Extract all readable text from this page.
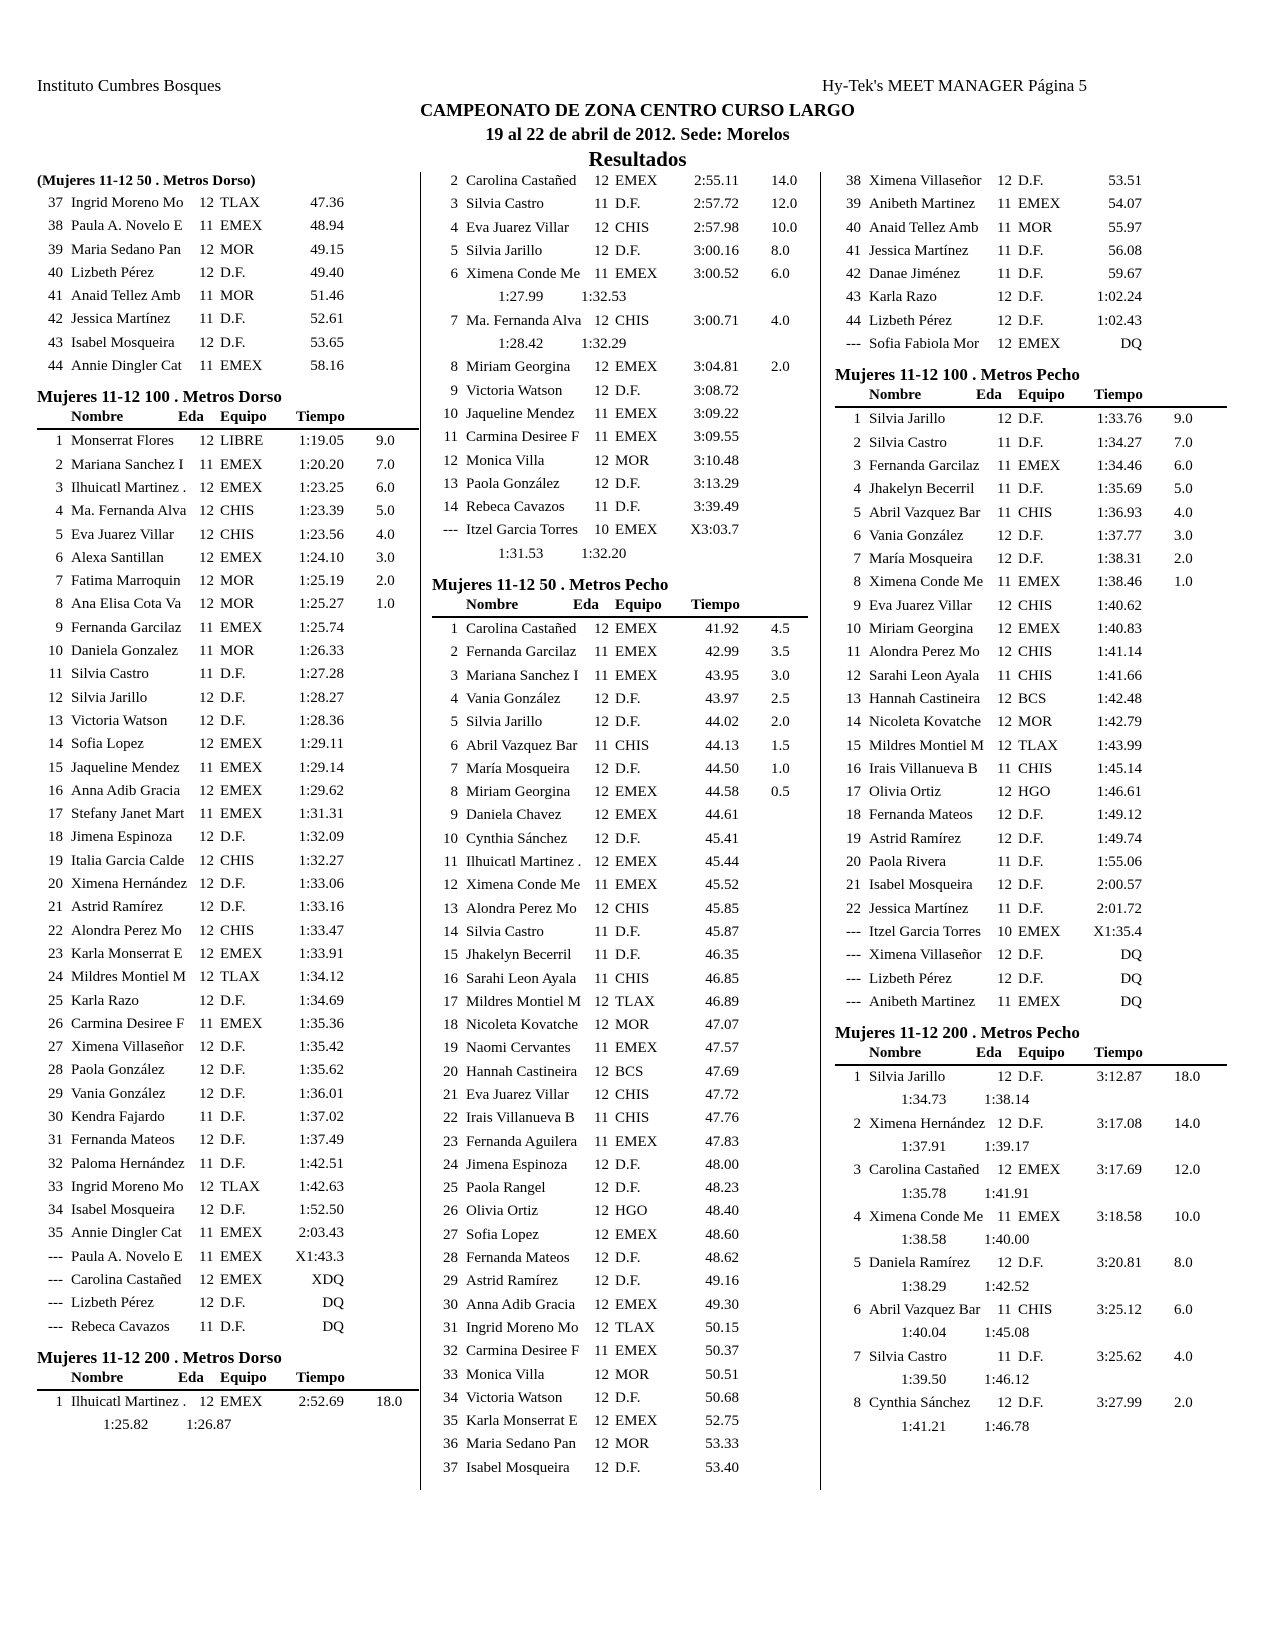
Instituto Cumbres Bosques	Hy-Tek's MEET MANAGER Página 5
CAMPEONATO DE ZONA CENTRO CURSO LARGO
19 al 22 de abril de 2012. Sede: Morelos
Resultados
(Mujeres 11-12 50 . Metros Dorso)
37 Ingrid Moreno Mo	12 TLAX	47.36
38 Paula A. Novelo E	11 EMEX	48.94
39 Maria Sedano Pan	12 MOR	49.15
40 Lizbeth Pérez	12 D.F.	49.40
41 Anaid Tellez Amb	11 MOR	51.46
42 Jessica Martínez	11 D.F.	52.61
43 Isabel Mosqueira	12 D.F.	53.65
44 Annie Dingler Cat	11 EMEX	58.16
Mujeres 11-12 100 . Metros Dorso
Nombre	Eda Equipo Tiempo
1 Monserrat Flores	12 LIBRE	1:19.05 9.0
2 Mariana Sanchez I	11 EMEX	1:20.20 7.0
3 Ilhuicatl Martinez . 12 EMEX	1:23.25 6.0
4 Ma. Fernanda Alva 12 CHIS	1:23.39 5.0
5 Eva Juarez Villar	12 CHIS	1:23.56 4.0
6 Alexa Santillan	12 EMEX	1:24.10 3.0
7 Fatima Marroquin	12 MOR	1:25.19 2.0
8 Ana Elisa Cota Va	12 MOR	1:25.27 1.0
9 Fernanda Garcilaz	11 EMEX	1:25.74
10 Daniela Gonzalez	11 MOR	1:26.33
11 Silvia Castro	11 D.F.	1:27.28
12 Silvia Jarillo	12 D.F.	1:28.27
13 Victoria Watson	12 D.F.	1:28.36
14 Sofia Lopez	12 EMEX	1:29.11
15 Jaqueline Mendez	11 EMEX	1:29.14
16 Anna Adib Gracia	12 EMEX	1:29.62
17 Stefany Janet Mart 11 EMEX	1:31.31
18 Jimena Espinoza	12 D.F.	1:32.09
19 Italia Garcia Calde 12 CHIS	1:32.27
20 Ximena Hernández 12 D.F.	1:33.06
21 Astrid Ramírez	12 D.F.	1:33.16
22 Alondra Perez Mo	12 CHIS	1:33.47
23 Karla Monserrat E	12 EMEX	1:33.91
24 Mildres Montiel M 12 TLAX	1:34.12
25 Karla Razo	12 D.F.	1:34.69
26 Carmina Desiree F 11 EMEX	1:35.36
27 Ximena Villaseñor	12 D.F.	1:35.42
28 Paola González	12 D.F.	1:35.62
29 Vania González	12 D.F.	1:36.01
30 Kendra Fajardo	11 D.F.	1:37.02
31 Fernanda Mateos	12 D.F.	1:37.49
32 Paloma Hernández 11 D.F.	1:42.51
33 Ingrid Moreno Mo	12 TLAX	1:42.63
34 Isabel Mosqueira	12 D.F.	1:52.50
35 Annie Dingler Cat	11 EMEX	2:03.43
--- Paula A. Novelo E	11 EMEX	X1:43.3
--- Carolina Castañed	12 EMEX	XDQ
--- Lizbeth Pérez	12 D.F.	DQ
--- Rebeca Cavazos	11 D.F.	DQ
Mujeres 11-12 200 . Metros Dorso
Nombre	Eda Equipo Tiempo
1 Ilhuicatl Martinez . 12 EMEX	2:52.69 18.0
1:25.82	1:26.87
2 Carolina Castañed	12 EMEX	2:55.11 14.0
3 Silvia Castro	11 D.F.	2:57.72 12.0
4 Eva Juarez Villar	12 CHIS	2:57.98 10.0
5 Silvia Jarillo	12 D.F.	3:00.16 8.0
6 Ximena Conde Me 11 EMEX	3:00.52 6.0
1:27.99	1:32.53
7 Ma. Fernanda Alva 12 CHIS	3:00.71 4.0
1:28.42	1:32.29
8 Miriam Georgina	12 EMEX	3:04.81 2.0
9 Victoria Watson	12 D.F.	3:08.72
10 Jaqueline Mendez	11 EMEX	3:09.22
11 Carmina Desiree F 11 EMEX	3:09.55
12 Monica Villa	12 MOR	3:10.48
13 Paola González	12 D.F.	3:13.29
14 Rebeca Cavazos	11 D.F.	3:39.49
--- Itzel Garcia Torres	10 EMEX	X3:03.7
1:31.53	1:32.20
Mujeres 11-12 50 . Metros Pecho
Nombre	Eda Equipo Tiempo
1 Carolina Castañed	12 EMEX	41.92 4.5
2 Fernanda Garcilaz	11 EMEX	42.99 3.5
3 Mariana Sanchez I	11 EMEX	43.95 3.0
4 Vania González	12 D.F.	43.97 2.5
5 Silvia Jarillo	12 D.F.	44.02 2.0
6 Abril Vazquez Bar	11 CHIS	44.13 1.5
7 María Mosqueira	12 D.F.	44.50 1.0
8 Miriam Georgina	12 EMEX	44.58 0.5
9 Daniela Chavez	12 EMEX	44.61
10 Cynthia Sánchez	12 D.F.	45.41
11 Ilhuicatl Martinez . 12 EMEX	45.44
12 Ximena Conde Me 11 EMEX	45.52
13 Alondra Perez Mo	12 CHIS	45.85
14 Silvia Castro	11 D.F.	45.87
15 Jhakelyn Becerril	11 D.F.	46.35
16 Sarahi Leon Ayala	11 CHIS	46.85
17 Mildres Montiel M 12 TLAX	46.89
18 Nicoleta Kovatche	12 MOR	47.07
19 Naomi Cervantes	11 EMEX	47.57
20 Hannah Castineira	12 BCS	47.69
21 Eva Juarez Villar	12 CHIS	47.72
22 Irais Villanueva B	11 CHIS	47.76
23 Fernanda Aguilera	11 EMEX	47.83
24 Jimena Espinoza	12 D.F.	48.00
25 Paola Rangel	12 D.F.	48.23
26 Olivia Ortiz	12 HGO	48.40
27 Sofia Lopez	12 EMEX	48.60
28 Fernanda Mateos	12 D.F.	48.62
29 Astrid Ramírez	12 D.F.	49.16
30 Anna Adib Gracia	12 EMEX	49.30
31 Ingrid Moreno Mo	12 TLAX	50.15
32 Carmina Desiree F 11 EMEX	50.37
33 Monica Villa	12 MOR	50.51
34 Victoria Watson	12 D.F.	50.68
35 Karla Monserrat E	12 EMEX	52.75
36 Maria Sedano Pan	12 MOR	53.33
37 Isabel Mosqueira	12 D.F.	53.40
38 Ximena Villaseñor	12 D.F.	53.51
39 Anibeth Martinez	11 EMEX	54.07
40 Anaid Tellez Amb	11 MOR	55.97
41 Jessica Martínez	11 D.F.	56.08
42 Danae Jiménez	11 D.F.	59.67
43 Karla Razo	12 D.F.	1:02.24
44 Lizbeth Pérez	12 D.F.	1:02.43
--- Sofia Fabiola Mor	12 EMEX	DQ
Mujeres 11-12 100 . Metros Pecho
Nombre	Eda Equipo Tiempo
1 Silvia Jarillo	12 D.F.	1:33.76 9.0
2 Silvia Castro	11 D.F.	1:34.27 7.0
3 Fernanda Garcilaz	11 EMEX	1:34.46 6.0
4 Jhakelyn Becerril	11 D.F.	1:35.69 5.0
5 Abril Vazquez Bar	11 CHIS	1:36.93 4.0
6 Vania González	12 D.F.	1:37.77 3.0
7 María Mosqueira	12 D.F.	1:38.31 2.0
8 Ximena Conde Me 11 EMEX	1:38.46 1.0
9 Eva Juarez Villar	12 CHIS	1:40.62
10 Miriam Georgina	12 EMEX	1:40.83
11 Alondra Perez Mo	12 CHIS	1:41.14
12 Sarahi Leon Ayala	11 CHIS	1:41.66
13 Hannah Castineira	12 BCS	1:42.48
14 Nicoleta Kovatche	12 MOR	1:42.79
15 Mildres Montiel M 12 TLAX	1:43.99
16 Irais Villanueva B	11 CHIS	1:45.14
17 Olivia Ortiz	12 HGO	1:46.61
18 Fernanda Mateos	12 D.F.	1:49.12
19 Astrid Ramírez	12 D.F.	1:49.74
20 Paola Rivera	11 D.F.	1:55.06
21 Isabel Mosqueira	12 D.F.	2:00.57
22 Jessica Martínez	11 D.F.	2:01.72
--- Itzel Garcia Torres	10 EMEX	X1:35.4
--- Ximena Villaseñor	12 D.F.	DQ
--- Lizbeth Pérez	12 D.F.	DQ
--- Anibeth Martinez	11 EMEX	DQ
Mujeres 11-12 200 . Metros Pecho
Nombre	Eda Equipo Tiempo
1 Silvia Jarillo	12 D.F.	3:12.87 18.0
1:34.73	1:38.14
2 Ximena Hernández 12 D.F.	3:17.08 14.0
1:37.91	1:39.17
3 Carolina Castañed	12 EMEX	3:17.69 12.0
1:35.78	1:41.91
4 Ximena Conde Me 11 EMEX	3:18.58 10.0
1:38.58	1:40.00
5 Daniela Ramírez	12 D.F.	3:20.81 8.0
1:38.29	1:42.52
6 Abril Vazquez Bar	11 CHIS	3:25.12 6.0
1:40.04	1:45.08
7 Silvia Castro	11 D.F.	3:25.62 4.0
1:39.50	1:46.12
8 Cynthia Sánchez	12 D.F.	3:27.99 2.0
1:41.21	1:46.78
